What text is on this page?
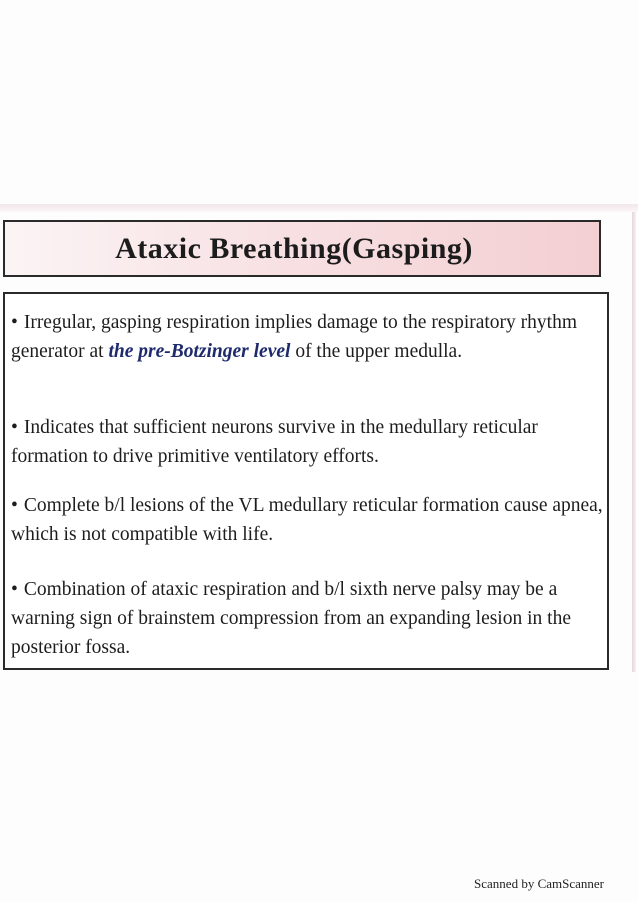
Ataxic Breathing(Gasping)
• Irregular, gasping respiration implies damage to the respiratory rhythm generator at the pre-Botzinger level of the upper medulla.
• Indicates that sufficient neurons survive in the medullary reticular formation to drive primitive ventilatory efforts.
• Complete b/l lesions of the VL medullary reticular formation cause apnea, which is not compatible with life.
• Combination of ataxic respiration and b/l sixth nerve palsy may be a warning sign of brainstem compression from an expanding lesion in the posterior fossa.
Scanned by CamScanner
